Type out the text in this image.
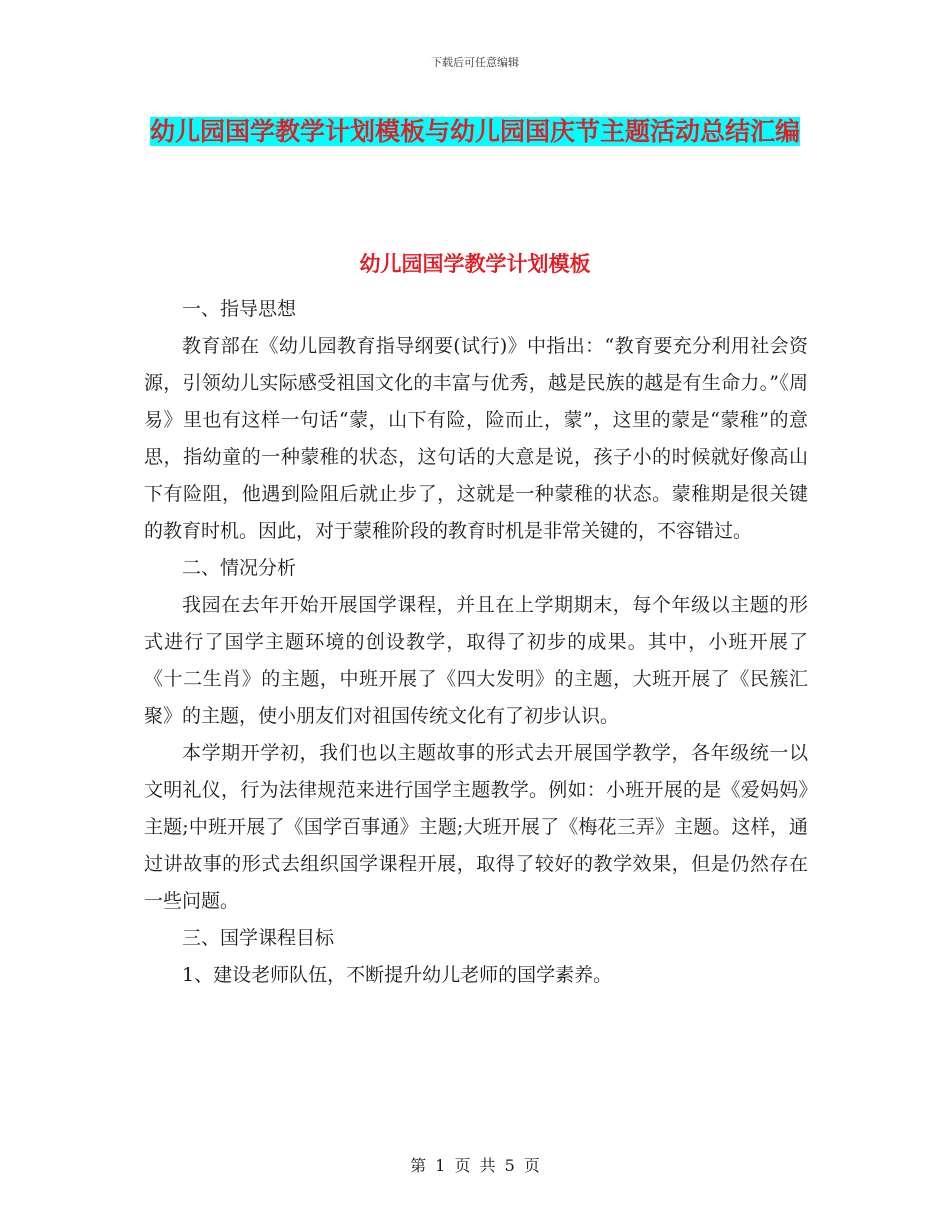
下载后可任意编辑
幼儿园国学教学计划模板与幼儿园国庆节主题活动总结汇编
幼儿园国学教学计划模板

一、指导思想

教育部在《幼儿园教育指导纲要(试行)》中指出：“教育要充分利用社会资源，引领幼儿实际感受祖国文化的丰富与优秀，越是民族的越是有生命力。”《周易》里也有这样一句话“蒙，山下有险，险而止，蒙”，这里的蒙是“蒙稚”的意思，指幼童的一种蒙稚的状态，这句话的大意是说，孩子小的时候就好像高山下有险阻，他遇到险阻后就止步了，这就是一种蒙稚的状态。蒙稚期是很关键的教育时机。因此，对于蒙稚阶段的教育时机是非常关键的，不容错过。

二、情况分析

我园在去年开始开展国学课程，并且在上学期期末，每个年级以主题的形式进行了国学主题环境的创设教学，取得了初步的成果。其中，小班开展了《十二生肖》的主题，中班开展了《四大发明》的主题，大班开展了《民簇汇聚》的主题，使小朋友们对祖国传统文化有了初步认识。

本学期开学初，我们也以主题故事的形式去开展国学教学，各年级统一以文明礼仪，行为法律规范来进行国学主题教学。例如：小班开展的是《爱妈妈》主题;中班开展了《国学百事通》主题;大班开展了《梅花三弄》主题。这样，通过讲故事的形式去组织国学课程开展，取得了较好的教学效果，但是仍然存在一些问题。

三、国学课程目标

1、建设老师队伍，不断提升幼儿老师的国学素养。

第 1 页 共 5 页
